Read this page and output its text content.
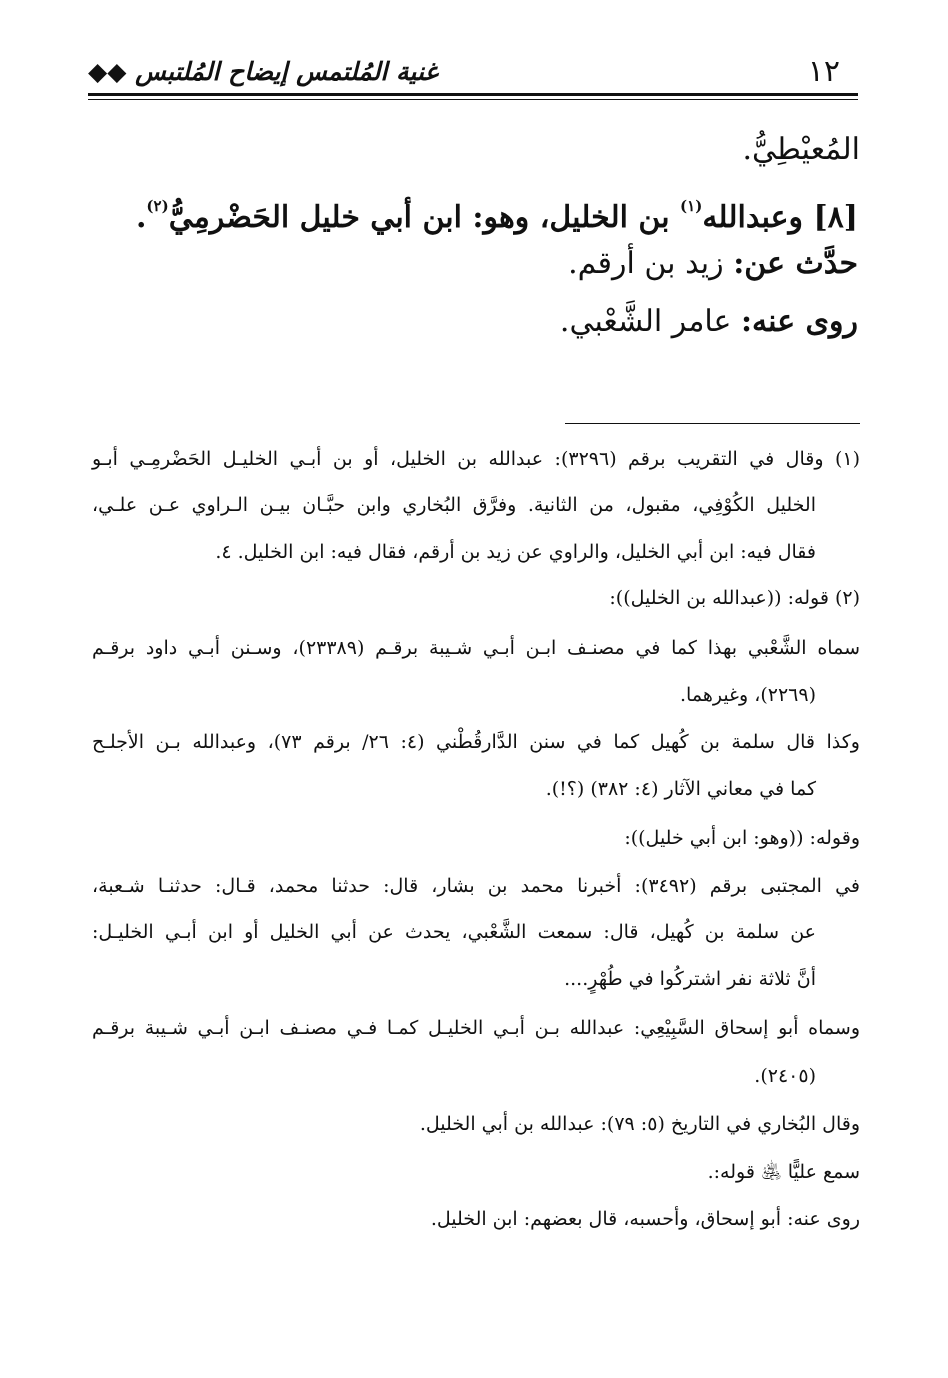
١٢
غنية المُلتمس إيضاح المُلتبس ◆◆
المُعيْطِيُّ.
[٨] وعبدالله$^{(١)}$ بن الخليل، وهو: ابن أبي خليل الحَضْرمِيُّ$^{(٢)}$.
حدَّث عن: زيد بن أرقم.
روى عنه: عامر الشَّعْبي.
(١) وقال في التقريب برقم (٣٢٩٦): عبدالله بن الخليل، أو بن أبـي الخليـل الحَضْرمِـي أبـو
الخليل الكُوْفِي، مقبول، من الثانية. وفرَّق البُخاري وابن حبَّـان بيـن الـراوي عـن علـي،
فقال فيه: ابن أبي الخليل، والراوي عن زيد بن أرقم، فقال فيه: ابن الخليل. ٤.
(٢) قوله: ((عبدالله بن الخليل)):
سماه الشَّعْبي بهذا كما في مصنـف ابـن أبـي شـيبة برقـم (٢٣٣٨٩)، وسـنن أبـي داود برقـم
(٢٢٦٩)، وغيرهما.
وكذا قال سلمة بن كُهيل كما في سنن الدَّارقُطْني (٤: ٢٦/ برقم ٧٣)، وعبدالله بـن الأجلـح
كما في معاني الآثار (٤: ٣٨٢) (؟!).
وقوله: ((وهو: ابن أبي خليل)):
في المجتبى برقم (٣٤٩٢): أخبرنا محمد بن بشار، قال: حدثنا محمد، قـال: حدثنـا شـعبة،
عن سلمة بن كُهيل، قال: سمعت الشَّعْبي، يحدث عن أبي الخليل أو ابن أبـي الخليـل:
أنَّ ثلاثة نفر اشتركُوا في طُهْرٍ....
وسماه أبو إسحاق السَّبِيْعِي: عبدالله بـن أبـي الخليـل كمـا فـي مصنـف ابـن أبـي شـيبة برقـم
(٢٤٠٥).
وقال البُخاري في التاريخ (٥: ٧٩): عبدالله بن أبي الخليل.
سمع عليًّا ﵁ قوله:.
روى عنه: أبو إسحاق، وأحسبه، قال بعضهم: ابن الخليل.
